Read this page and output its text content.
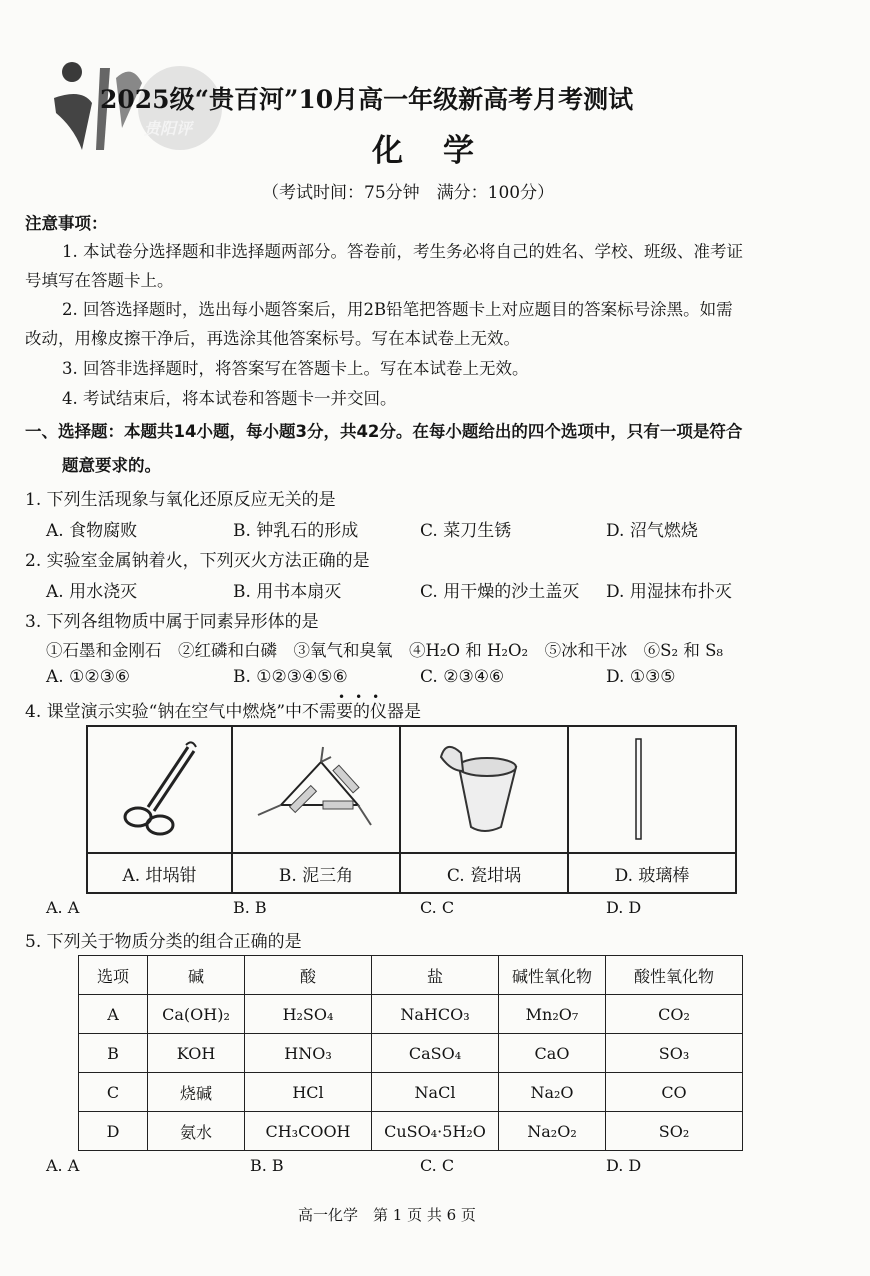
贵阳评
2025级“贵百河”10月高一年级新高考月考测试
化 学
（考试时间：75分钟　满分：100分）
注意事项：
1. 本试卷分选择题和非选择题两部分。答卷前，考生务必将自己的姓名、学校、班级、准考证
号填写在答题卡上。
2. 回答选择题时，选出每小题答案后，用2B铅笔把答题卡上对应题目的答案标号涂黑。如需
改动，用橡皮擦干净后，再选涂其他答案标号。写在本试卷上无效。
3. 回答非选择题时，将答案写在答题卡上。写在本试卷上无效。
4. 考试结束后，将本试卷和答题卡一并交回。
一、选择题：本题共14小题，每小题3分，共42分。在每小题给出的四个选项中，只有一项是符合
题意要求的。
1. 下列生活现象与氧化还原反应无关的是
A. 食物腐败	B. 钟乳石的形成	C. 菜刀生锈	D. 沼气燃烧
2. 实验室金属钠着火，下列灭火方法正确的是
A. 用水浇灭	B. 用书本扇灭	C. 用干燥的沙土盖灭 D. 用湿抹布扑灭
3. 下列各组物质中属于同素异形体的是
①石墨和金刚石　②红磷和白磷　③氧气和臭氧　④H₂O 和 H₂O₂　⑤冰和干冰　⑥S₂ 和 S₈
A. ①②③⑥	B. ①②③④⑤⑥	C. ②③④⑥	D. ①③⑤
4. 课堂演示实验“钠在空气中燃烧”中不需要的仪器是
•••

A. 坩埚钳	B. 泥三角	C. 瓷坩埚	D. 玻璃棒
A. A	B. B	C. C	D. D
5. 下列关于物质分类的组合正确的是
选项	碱	酸	盐	碱性氧化物	酸性氧化物
A	Ca(OH)₂	H₂SO₄	NaHCO₃	Mn₂O₇	CO₂
B	KOH	HNO₃	CaSO₄	CaO	SO₃
C	烧碱	HCl	NaCl	Na₂O	CO
D	氨水	CH₃COOH	CuSO₄·5H₂O	Na₂O₂	SO₂
A. A	B. B	C. C	D. D
高一化学　第 1 页 共 6 页
